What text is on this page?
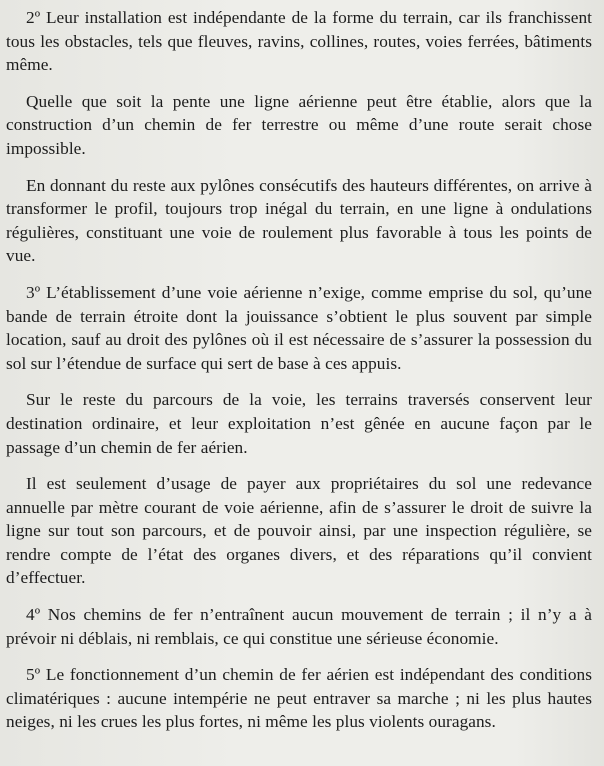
2º Leur installation est indépendante de la forme du terrain, car ils franchissent tous les obstacles, tels que fleuves, ravins, collines, routes, voies ferrées, bâtiments même.

Quelle que soit la pente une ligne aérienne peut être établie, alors que la construction d’un chemin de fer terrestre ou même d’une route serait chose impossible.

En donnant du reste aux pylônes consécutifs des hauteurs différentes, on arrive à transformer le profil, toujours trop inégal du terrain, en une ligne à ondulations régulières, constituant une voie de roulement plus favorable à tous les points de vue.

3º L’établissement d’une voie aérienne n’exige, comme emprise du sol, qu’une bande de terrain étroite dont la jouissance s’obtient le plus souvent par simple location, sauf au droit des pylônes où il est nécessaire de s’assurer la possession du sol sur l’étendue de surface qui sert de base à ces appuis.

Sur le reste du parcours de la voie, les terrains traversés conservent leur destination ordinaire, et leur exploitation n’est gênée en aucune façon par le passage d’un chemin de fer aérien.

Il est seulement d’usage de payer aux propriétaires du sol une redevance annuelle par mètre courant de voie aérienne, afin de s’assurer le droit de suivre la ligne sur tout son parcours, et de pouvoir ainsi, par une inspection régulière, se rendre compte de l’état des organes divers, et des réparations qu’il convient d’effectuer.

4º Nos chemins de fer n’entraînent aucun mouvement de terrain ; il n’y a à prévoir ni déblais, ni remblais, ce qui constitue une sérieuse économie.

5º Le fonctionnement d’un chemin de fer aérien est indépendant des conditions climatériques : aucune intempérie ne peut entraver sa marche ; ni les plus hautes neiges, ni les crues les plus fortes, ni même les plus violents ouragans.
